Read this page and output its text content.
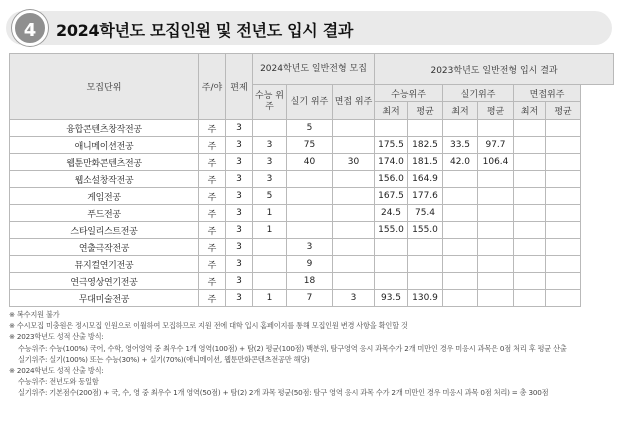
4	2024학년도 모집인원 및 전년도 입시 결과
모집단위	주/야	편제	2024학년도 일반전형 모집			2023학년도 일반전형 입시 결과					
			수능 위주	실기 위주	면접 위주	수능위주		실기위주		면접위주	
						최저	평균	최저	평균	최저	평균
융합콘텐츠창작전공	주	3		5							
애니메이션전공	주	3	3	75		175.5	182.5	33.5	97.7		
웹툰만화콘텐츠전공	주	3	3	40	30	174.0	181.5	42.0	106.4		
웹소설창작전공	주	3	3			156.0	164.9				
게임전공	주	3	5			167.5	177.6				
푸드전공	주	3	1			24.5	75.4				
스타일리스트전공	주	3	1			155.0	155.0				
연출극작전공	주	3		3							
뮤지컬연기전공	주	3		9							
연극영상연기전공	주	3		18							
무대미술전공	주	3	1	7	3	93.5	130.9				
※ 복수지원 불가
※ 수시모집 미충원은 정시모집 인원으로 이월하여 모집하므로 지원 전에 대학 입시 홈페이지를 통해 모집인원 변경 사항을 확인할 것
※ 2023학년도 성적 산출 방식:
수능위주: 수능(100%) 국어, 수학, 영어영역 중 최우수 1개 영역(100점) + 탐(2) 평균(100점) 백분위, 탐구영역 응시 과목수가 2개 미만인 경우 미응시 과목은 0점 처리 후 평균 산출
실기위주: 실기(100%) 또는 수능(30%) + 실기(70%)(애니메이션, 웹툰만화콘텐츠전공만 해당)
※ 2024학년도 성적 산출 방식:
수능위주: 전년도와 동일함
실기위주: 기본점수(200점) + 국, 수, 영 중 최우수 1개 영역(50점) + 탐(2) 2개 과목 평균(50점: 탐구 영역 응시 과목 수가 2개 미만인 경우 미응시 과목 0점 처리) = 총 300점
